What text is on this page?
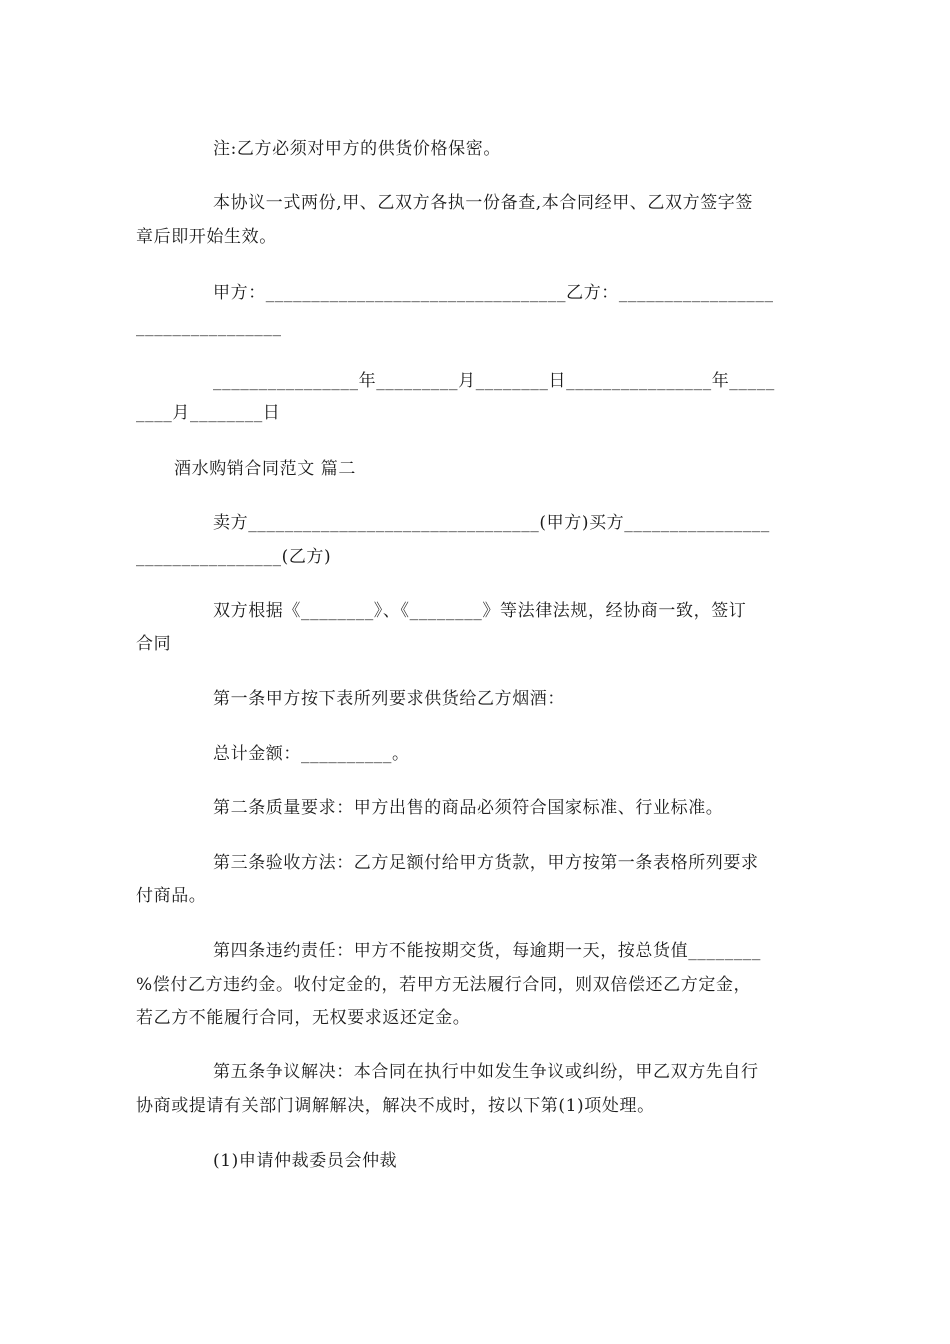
注:乙方必须对甲方的供货价格保密。
本协议一式两份,甲、乙双方各执一份备查,本合同经甲、乙双方签字签
章后即开始生效。
甲方：_________________________________乙方：_________________
________________
________________年_________月________日________________年_____
____月________日
酒水购销合同范文 篇二
卖方________________________________(甲方)买方________________
________________(乙方)
双方根据《________》、《________》等法律法规，经协商一致，签订
合同
第一条甲方按下表所列要求供货给乙方烟酒：
总计金额：__________。
第二条质量要求：甲方出售的商品必须符合国家标准、行业标准。
第三条验收方法：乙方足额付给甲方货款，甲方按第一条表格所列要求
付商品。
第四条违约责任：甲方不能按期交货，每逾期一天，按总货值________
%偿付乙方违约金。收付定金的，若甲方无法履行合同，则双倍偿还乙方定金，
若乙方不能履行合同，无权要求返还定金。
第五条争议解决：本合同在执行中如发生争议或纠纷，甲乙双方先自行
协商或提请有关部门调解解决，解决不成时，按以下第(1)项处理。
(1)申请仲裁委员会仲裁
